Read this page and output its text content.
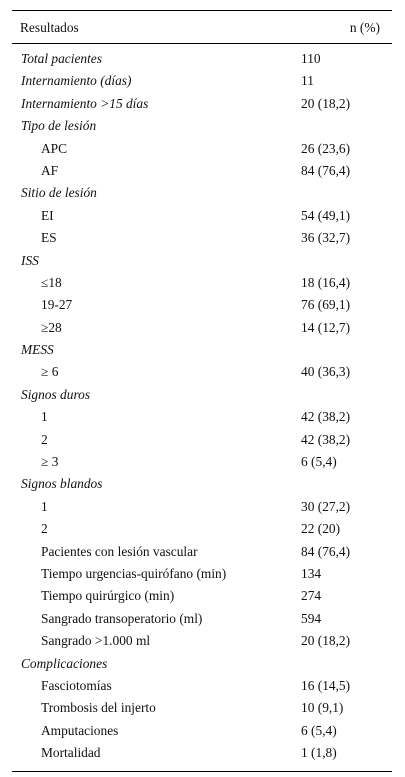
Resultados	n (%)
Total pacientes	110
Internamiento (días)	11
Internamiento >15 días	20 (18,2)
Tipo de lesión
APC	26 (23,6)
AF	84 (76,4)
Sitio de lesión
EI	54 (49,1)
ES	36 (32,7)
ISS
≤18	18 (16,4)
19-27	76 (69,1)
≥28	14 (12,7)
MESS
≥ 6	40 (36,3)
Signos duros
1	42 (38,2)
2	42 (38,2)
≥ 3	6 (5,4)
Signos blandos
1	30 (27,2)
2	22 (20)
Pacientes con lesión vascular	84 (76,4)
Tiempo urgencias-quirófano (min)	134
Tiempo quirúrgico (min)	274
Sangrado transoperatorio (ml)	594
Sangrado >1.000 ml	20 (18,2)
Complicaciones
Fasciotomías	16 (14,5)
Trombosis del injerto	10 (9,1)
Amputaciones	6 (5,4)
Mortalidad	1 (1,8)
